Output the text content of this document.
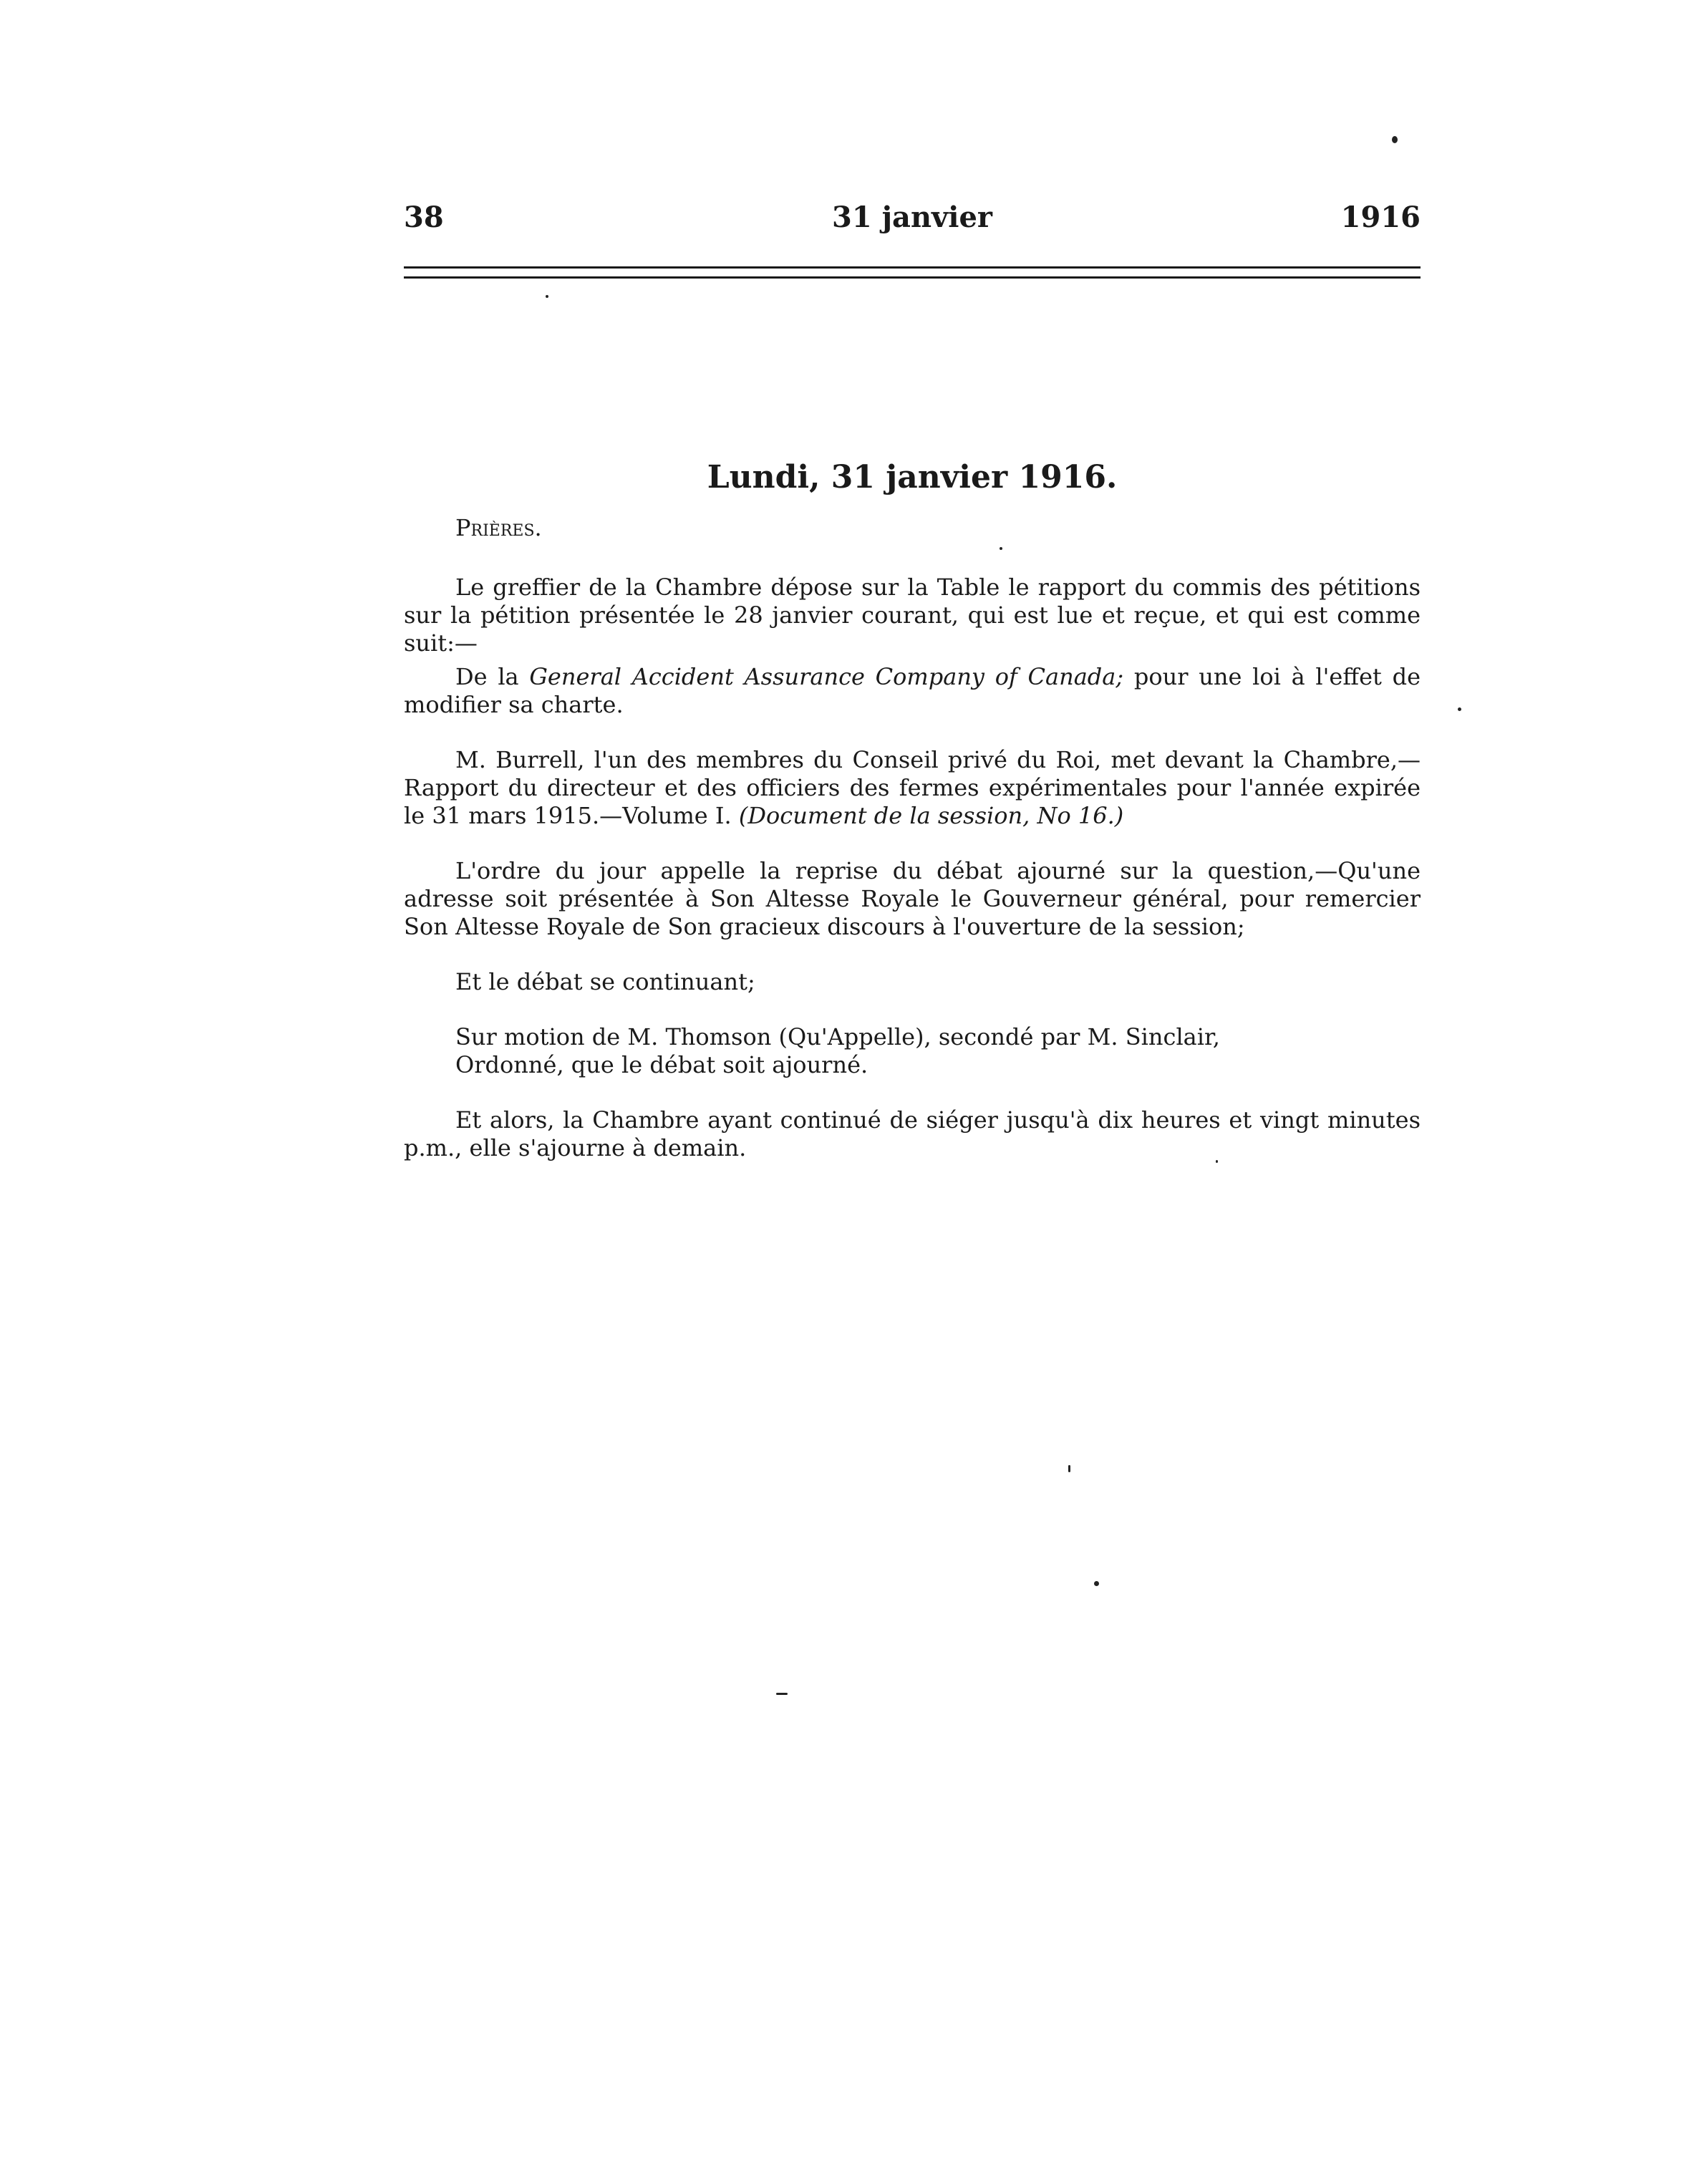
38	31 janvier	1916
Lundi, 31 janvier 1916.
Prières.

Le greffier de la Chambre dépose sur la Table le rapport du commis des pétitions sur la pétition présentée le 28 janvier courant, qui est lue et reçue, et qui est comme suit:—

De la General Accident Assurance Company of Canada; pour une loi à l'effet de modifier sa charte.

M. Burrell, l'un des membres du Conseil privé du Roi, met devant la Chambre,—Rapport du directeur et des officiers des fermes expérimentales pour l'année expirée le 31 mars 1915.—Volume I. (Document de la session, No 16.)

L'ordre du jour appelle la reprise du débat ajourné sur la question,—Qu'une adresse soit présentée à Son Altesse Royale le Gouverneur général, pour remercier Son Altesse Royale de Son gracieux discours à l'ouverture de la session;

Et le débat se continuant;

Sur motion de M. Thomson (Qu'Appelle), secondé par M. Sinclair,
Ordonné, que le débat soit ajourné.

Et alors, la Chambre ayant continué de siéger jusqu'à dix heures et vingt minutes p.m., elle s'ajourne à demain.
